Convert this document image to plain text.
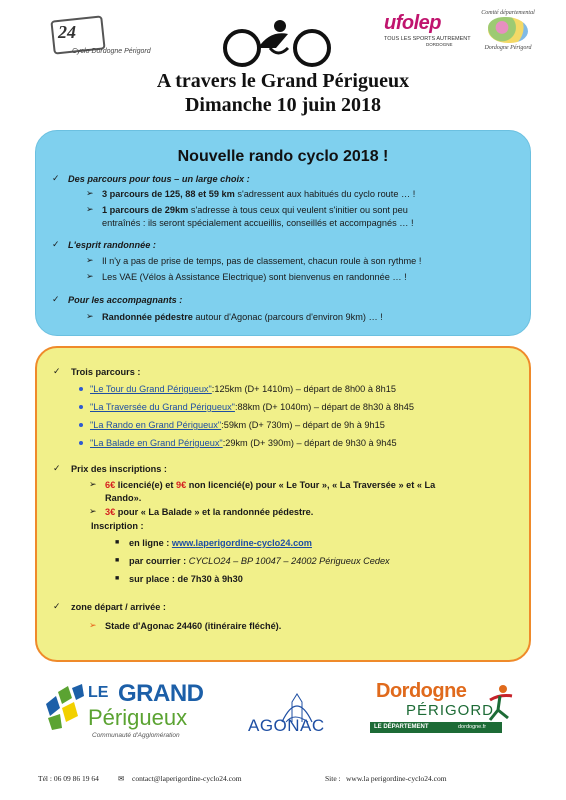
24
Cyclo Dordogne Périgord
ufolep
TOUS LES SPORTS AUTREMENT
DORDOGNE
Comité départemental
Dordogne Périgord
A travers le Grand Périgueux
Dimanche 10 juin 2018
Nouvelle rando cyclo 2018 !
✓ Des parcours pour tous – un large choix :
➢ 3 parcours de 125, 88 et 59 km s'adressent aux habitués du cyclo route … !
➢ 1 parcours de 29km s'adresse à tous ceux qui veulent s'initier ou sont peu
entraînés : ils seront spécialement accueillis, conseillés et accompagnés … !
✓ L'esprit randonnée :
➢ Il n'y a pas de prise de temps, pas de classement, chacun roule à son rythme !
➢ Les VAE (Vélos à Assistance Electrique) sont bienvenus en randonnée … !
✓ Pour les accompagnants :
➢ Randonnée pédestre autour d'Agonac (parcours d'environ 9km) … !
✓ Trois parcours :
"Le Tour du Grand Périgueux":125km (D+ 1410m) – départ de 8h00 à 8h15
"La Traversée du Grand Périgueux":88km (D+ 1040m) – départ de 8h30 à 8h45
"La Rando en Grand Périgueux":59km (D+ 730m) – départ de 9h à 9h15
"La Balade en Grand Périgueux":29km (D+ 390m) – départ de 9h30 à 9h45
✓ Prix des inscriptions :
➢ 6€ licencié(e) et 9€ non licencié(e) pour « Le Tour », « La Traversée » et « La
Rando».
➢ 3€ pour « La Balade » et la randonnée pédestre.
Inscription :
■ en ligne : www.laperigordine-cyclo24.com
■ par courrier : CYCLO24 – BP 10047 – 24002 Périgueux Cedex
■ sur place : de 7h30 à 9h30
✓ zone départ / arrivée :
➢ Stade d'Agonac 24460 (itinéraire fléché).
LE GRAND
Périgueux
Communauté d'Agglomération
AGONAC
Dordogne
PÉRIGORD
LE DÉPARTEMENT	dordogne.fr
Tél : 06 09 86 19 64	✉ contact@laperigordine-cyclo24.com	Site : www.la perigordine-cyclo24.com
